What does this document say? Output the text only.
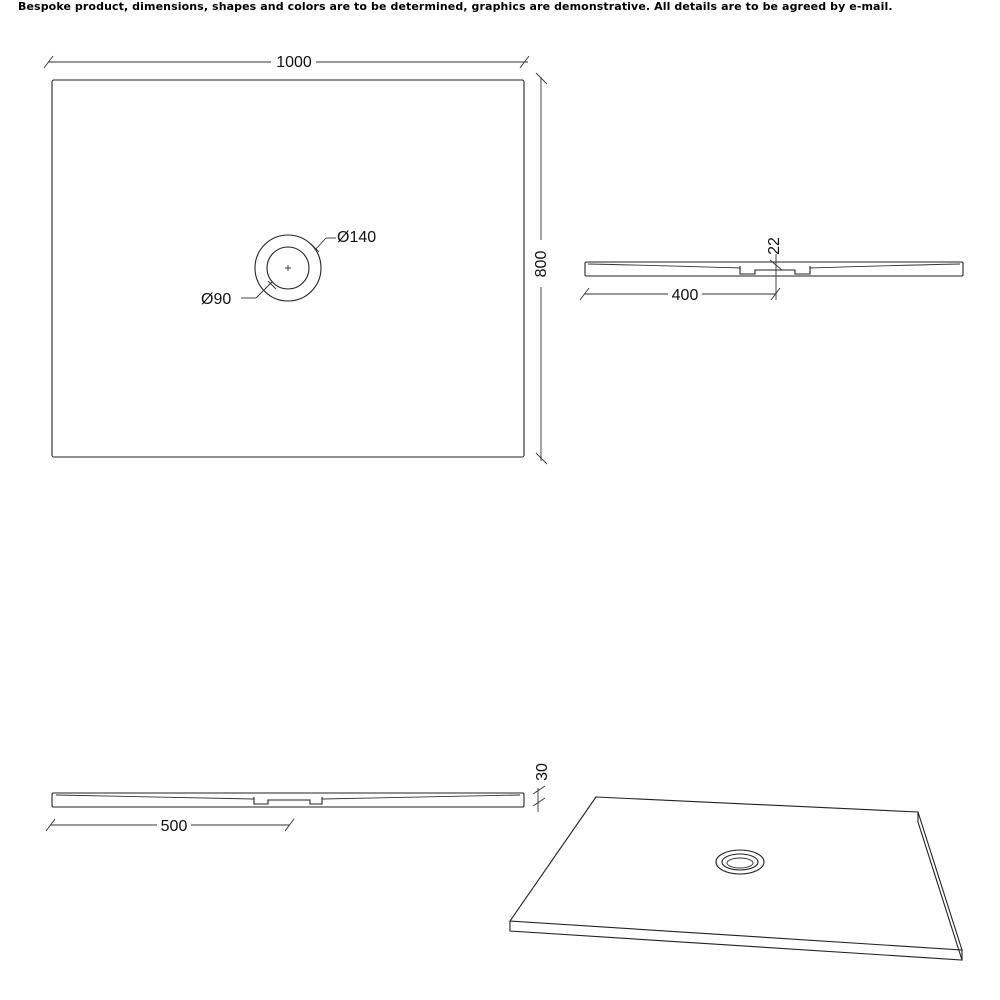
Bespoke product, dimensions, shapes and colors are to be determined, graphics are demonstrative. All details are to be agreed by e-mail.
1000
800
Ø140
Ø90
22
400
30
500
